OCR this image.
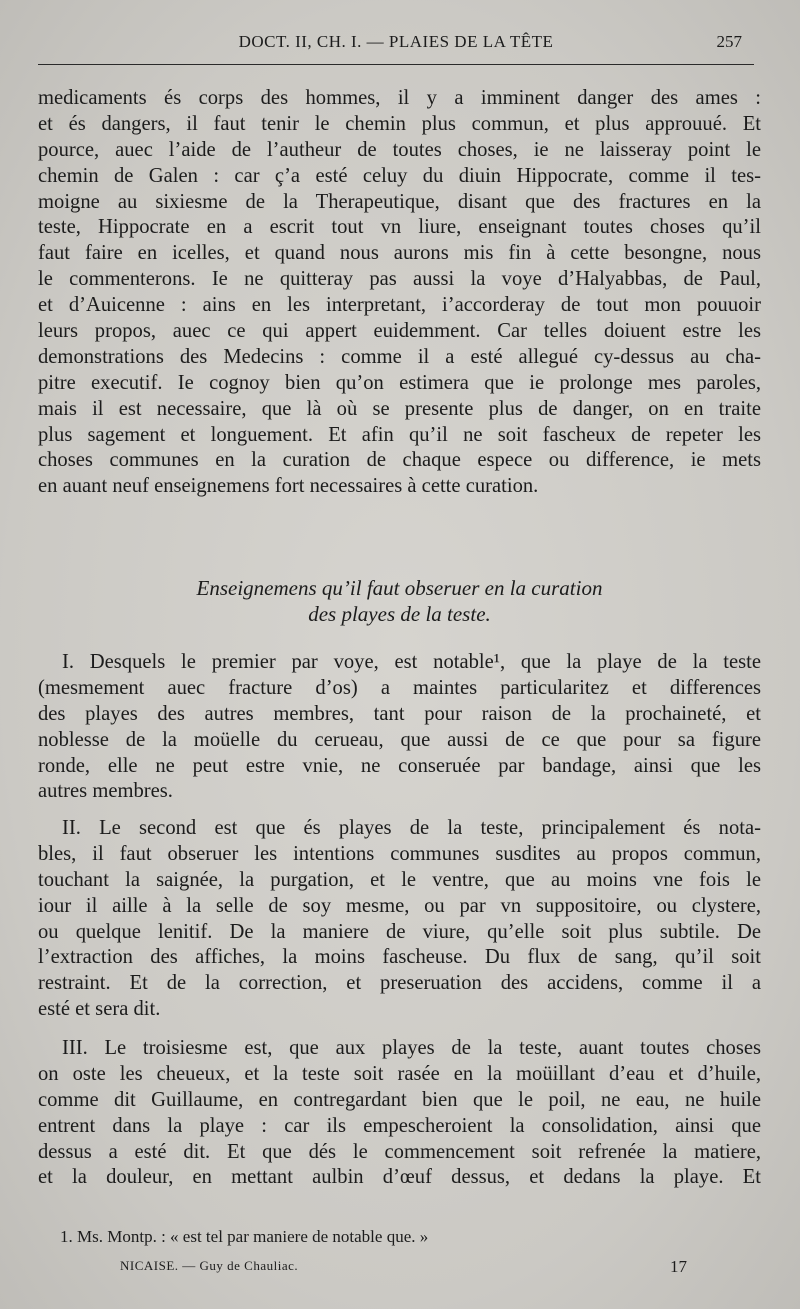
DOCT. II, CH. I. — PLAIES DE LA TÊTE	257
medicaments és corps des hommes, il y a imminent danger des ames :
et és dangers, il faut tenir le chemin plus commun, et plus approuué. Et
pource, auec l’aide de l’autheur de toutes choses, ie ne laisseray point le
chemin de Galen : car ç’a esté celuy du diuin Hippocrate, comme il tes-
moigne au sixiesme de la Therapeutique, disant que des fractures en la
teste, Hippocrate en a escrit tout vn liure, enseignant toutes choses qu’il
faut faire en icelles, et quand nous aurons mis fin à cette besongne, nous
le commenterons. Ie ne quitteray pas aussi la voye d’Halyabbas, de Paul,
et d’Auicenne : ains en les interpretant, i’accorderay de tout mon pouuoir
leurs propos, auec ce qui appert euidemment. Car telles doiuent estre les
demonstrations des Medecins : comme il a esté allegué cy-dessus au cha-
pitre executif. Ie cognoy bien qu’on estimera que ie prolonge mes paroles,
mais il est necessaire, que là où se presente plus de danger, on en traite
plus sagement et longuement. Et afin qu’il ne soit fascheux de repeter les
choses communes en la curation de chaque espece ou difference, ie mets
en auant neuf enseignemens fort necessaires à cette curation.
Enseignemens qu’il faut obseruer en la curation
des playes de la teste.
I. Desquels le premier par voye, est notable¹, que la playe de la teste
(mesmement auec fracture d’os) a maintes particularitez et differences
des playes des autres membres, tant pour raison de la prochaineté, et
noblesse de la moüelle du cerueau, que aussi de ce que pour sa figure
ronde, elle ne peut estre vnie, ne conseruée par bandage, ainsi que les
autres membres.
II. Le second est que és playes de la teste, principalement és nota-
bles, il faut obseruer les intentions communes susdites au propos commun,
touchant la saignée, la purgation, et le ventre, que au moins vne fois le
iour il aille à la selle de soy mesme, ou par vn suppositoire, ou clystere,
ou quelque lenitif. De la maniere de viure, qu’elle soit plus subtile. De
l’extraction des affiches, la moins fascheuse. Du flux de sang, qu’il soit
restraint. Et de la correction, et preseruation des accidens, comme il a
esté et sera dit.
III. Le troisiesme est, que aux playes de la teste, auant toutes choses
on oste les cheueux, et la teste soit rasée en la moüillant d’eau et d’huile,
comme dit Guillaume, en contregardant bien que le poil, ne eau, ne huile
entrent dans la playe : car ils empescheroient la consolidation, ainsi que
dessus a esté dit. Et que dés le commencement soit refrenée la matiere,
et la douleur, en mettant aulbin d’œuf dessus, et dedans la playe. Et
1. Ms. Montp. : « est tel par maniere de notable que. »
NICAISE. — Guy de Chauliac.	17
